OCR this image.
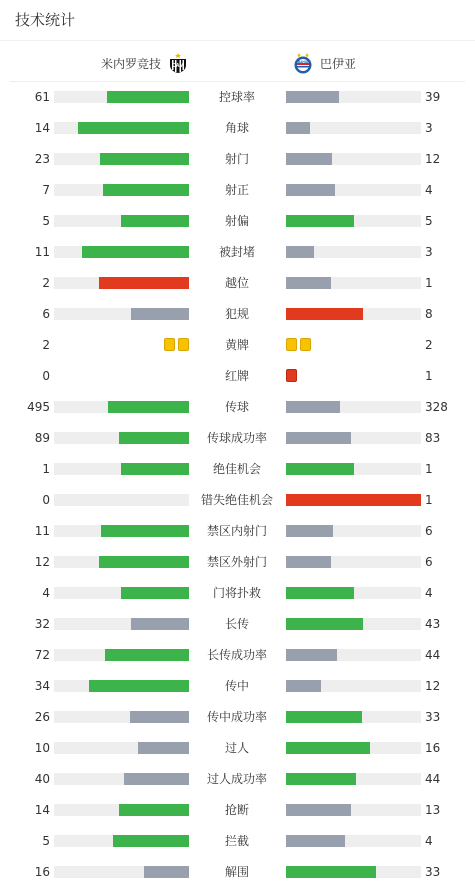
技术统计
米内罗竞技 CAM
BAHIA 巴伊亚
61	控球率	39
14	角球	3
23	射门	12
7	射正	4
5	射偏	5
11	被封堵	3
2	越位	1
6	犯规	8
2	黄牌	2
0	红牌	1
495	传球	328
89	传球成功率	83
1	绝佳机会	1
0	错失绝佳机会	1
11	禁区内射门	6
12	禁区外射门	6
4	门将扑救	4
32	长传	43
72	长传成功率	44
34	传中	12
26	传中成功率	33
10	过人	16
40	过人成功率	44
14	抢断	13
5	拦截	4
16	解围	33
